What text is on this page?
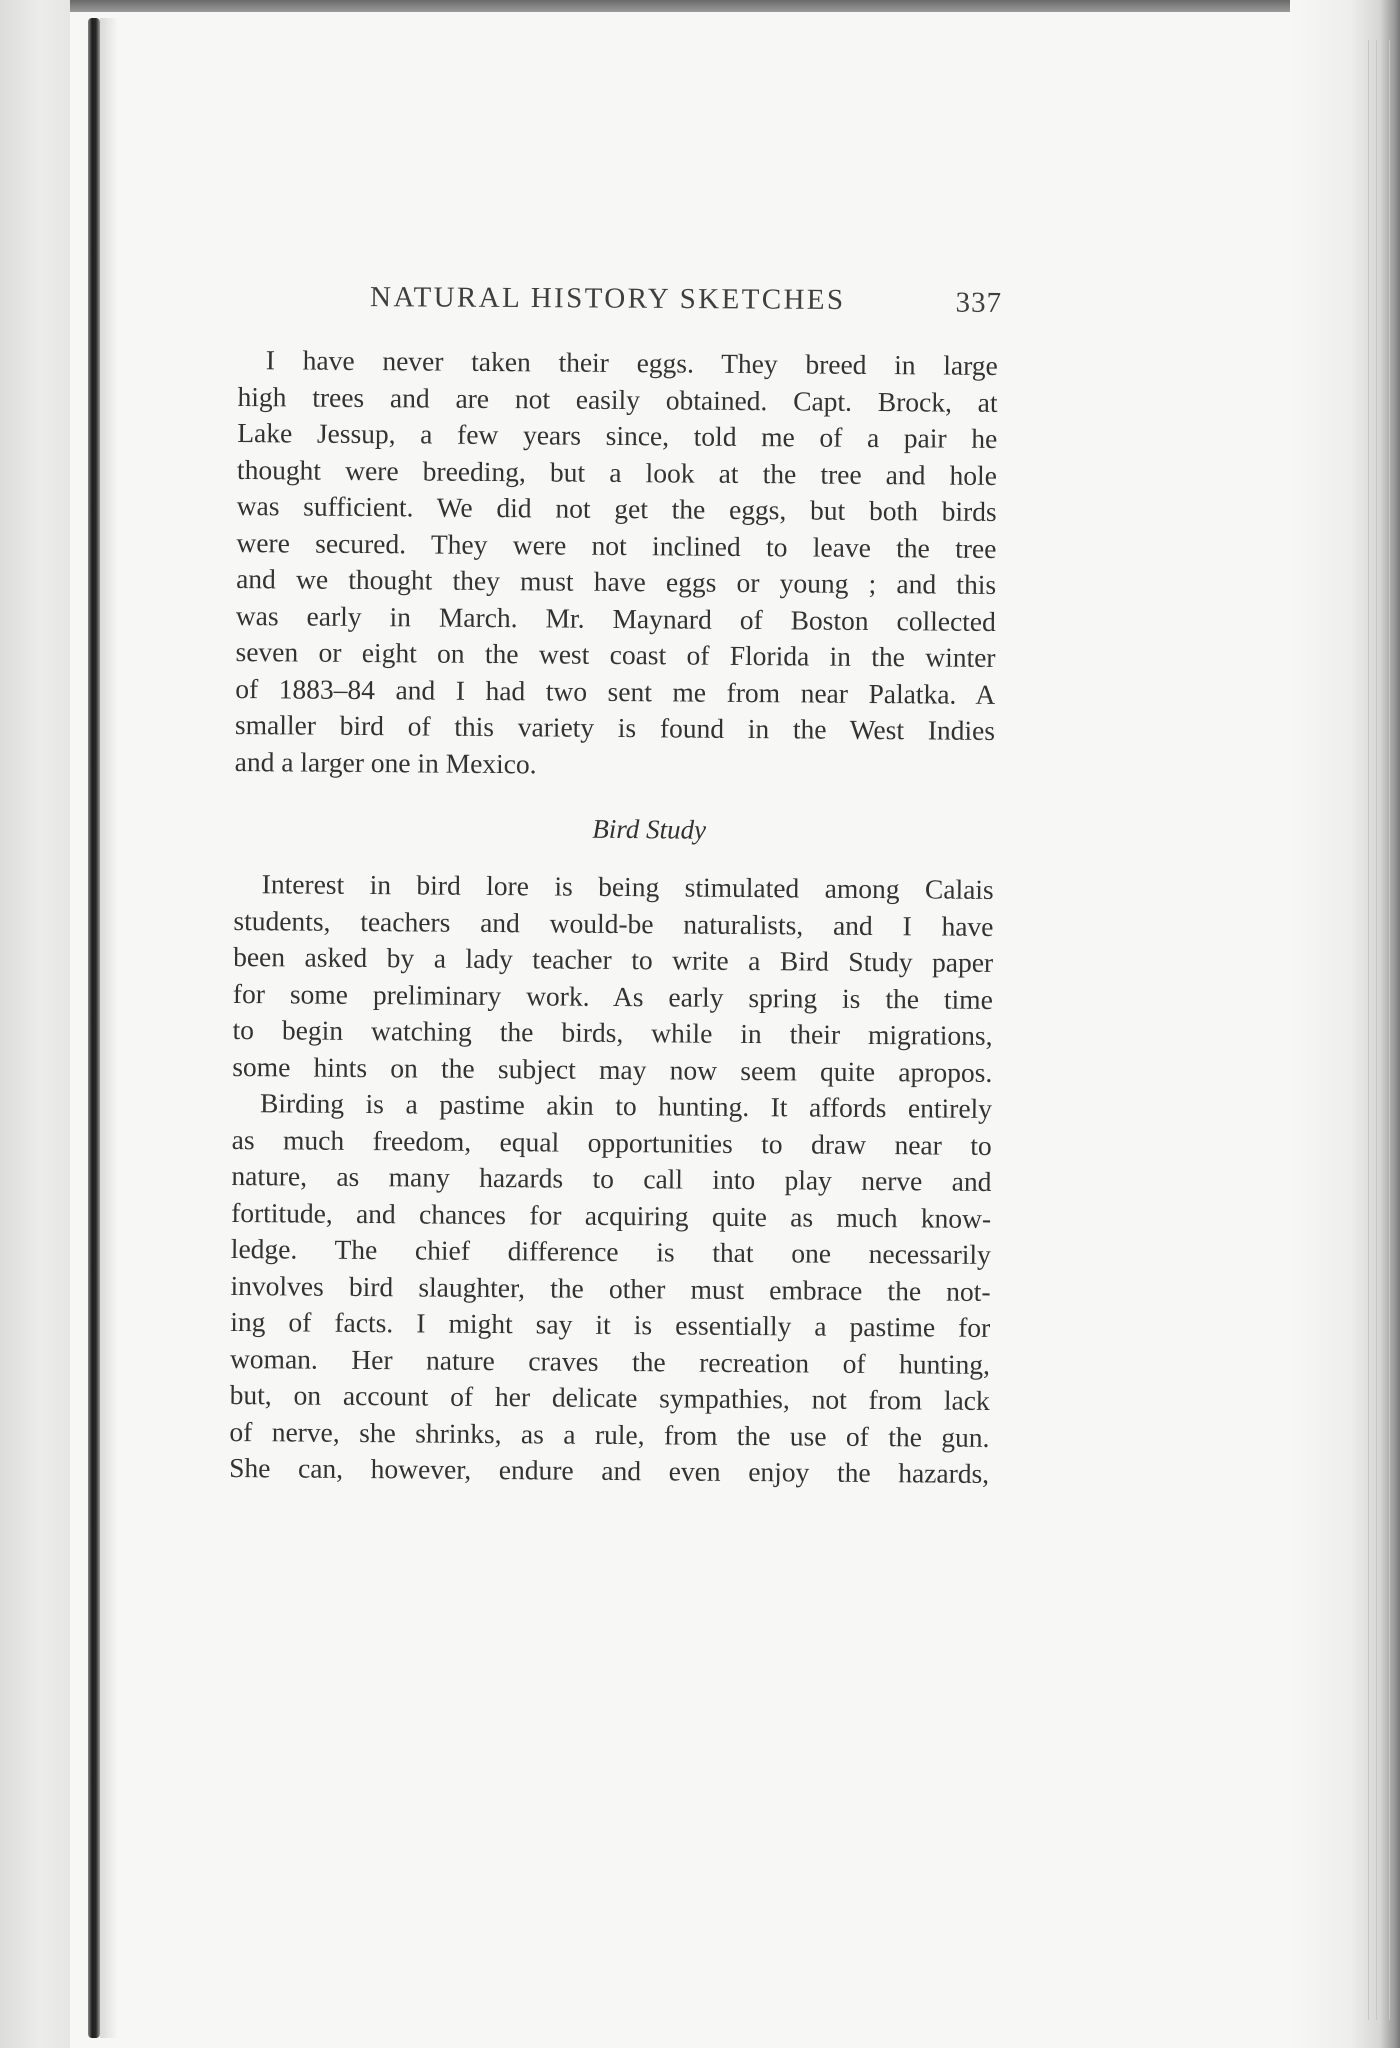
NATURAL HISTORY SKETCHES	337
I have never taken their eggs. They breed in large
high trees and are not easily obtained. Capt. Brock, at
Lake Jessup, a few years since, told me of a pair he
thought were breeding, but a look at the tree and hole
was sufficient. We did not get the eggs, but both birds
were secured. They were not inclined to leave the tree
and we thought they must have eggs or young ; and this
was early in March. Mr. Maynard of Boston collected
seven or eight on the west coast of Florida in the winter
of 1883–84 and I had two sent me from near Palatka. A
smaller bird of this variety is found in the West Indies
and a larger one in Mexico.
Bird Study
Interest in bird lore is being stimulated among Calais
students, teachers and would-be naturalists, and I have
been asked by a lady teacher to write a Bird Study paper
for some preliminary work. As early spring is the time
to begin watching the birds, while in their migrations,
some hints on the subject may now seem quite apropos.
Birding is a pastime akin to hunting. It affords entirely
as much freedom, equal opportunities to draw near to
nature, as many hazards to call into play nerve and
fortitude, and chances for acquiring quite as much know-
ledge. The chief difference is that one necessarily
involves bird slaughter, the other must embrace the not-
ing of facts. I might say it is essentially a pastime for
woman. Her nature craves the recreation of hunting,
but, on account of her delicate sympathies, not from lack
of nerve, she shrinks, as a rule, from the use of the gun.
She can, however, endure and even enjoy the hazards,
